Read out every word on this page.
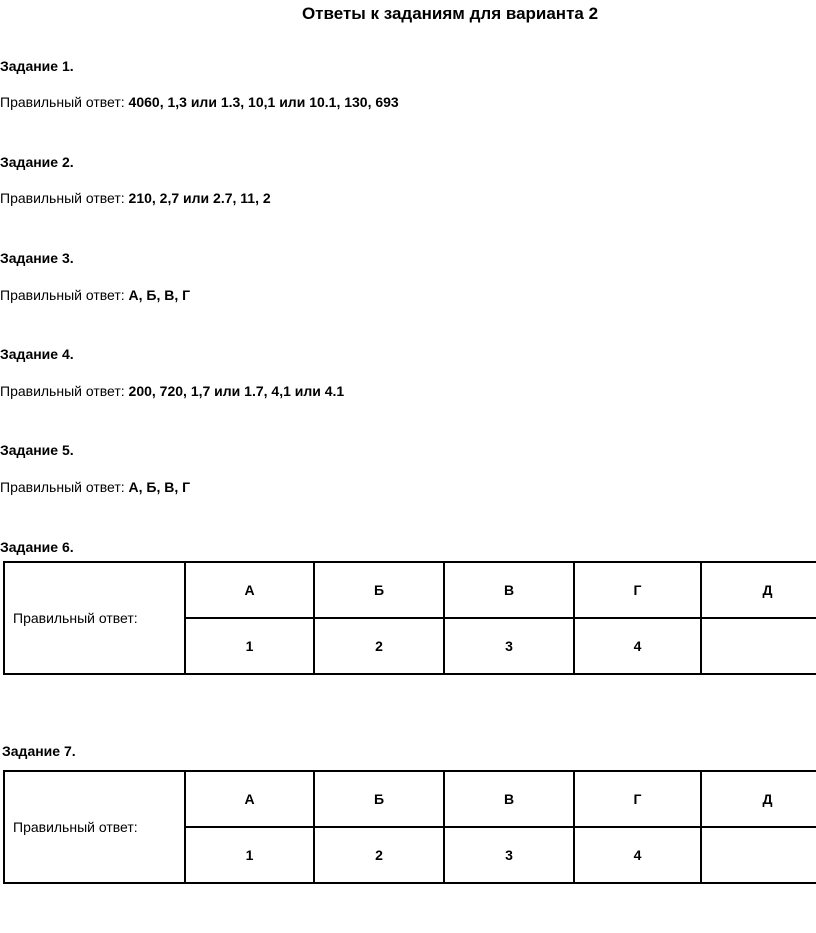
Ответы к заданиям для варианта 2
Задание 1.
Правильный ответ: 4060, 1,3 или 1.3, 10,1 или 10.1, 130, 693
Задание 2.
Правильный ответ: 210, 2,7 или 2.7, 11, 2
Задание 3.
Правильный ответ: А, Б, В, Г
Задание 4.
Правильный ответ: 200, 720, 1,7 или 1.7, 4,1 или 4.1
Задание 5.
Правильный ответ: А, Б, В, Г
Задание 6.
Правильный ответ:	А	Б	В	Г	Д
	1	2	3	4	
Задание 7.
Правильный ответ:	А	Б	В	Г	Д
	1	2	3	4	
